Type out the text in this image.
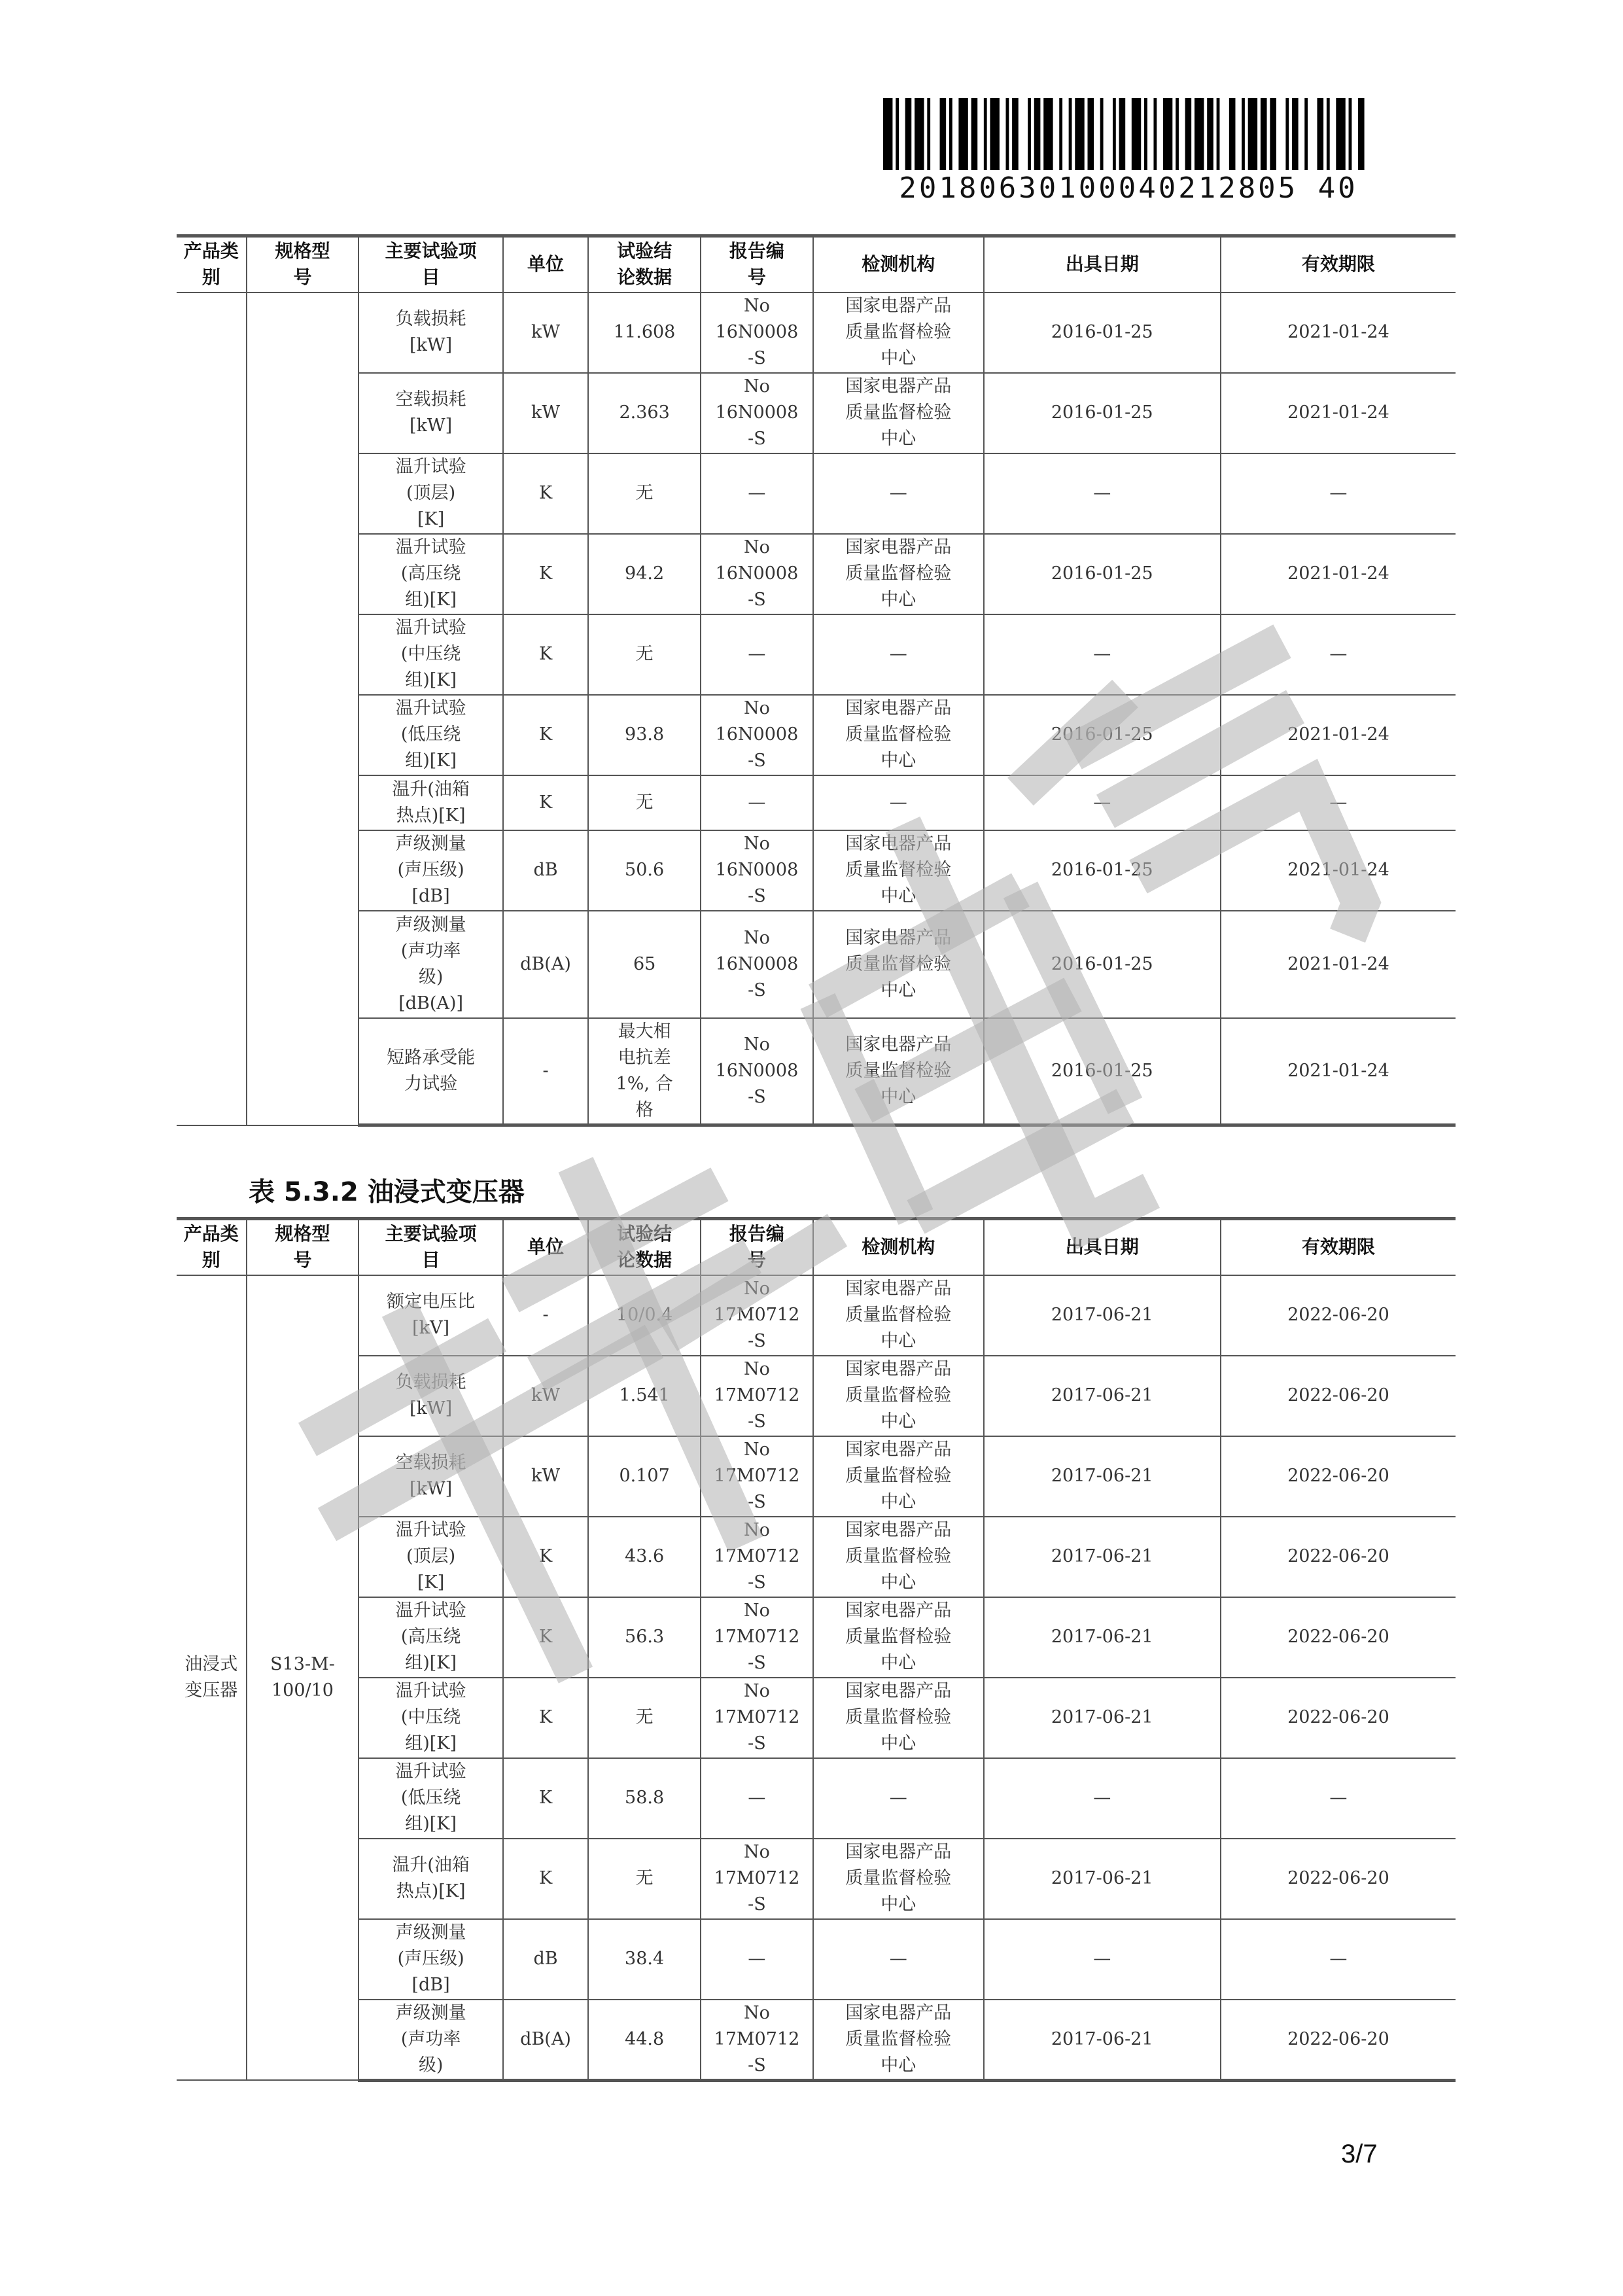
20180630100040212805 40
产品类
别	规格型
号	主要试验项
目	单位	试验结
论数据	报告编
号	检测机构	出具日期	有效期限
		负载损耗
[kW]	kW	11.608	No
16N0008
-S	国家电器产品
质量监督检验
中心	2016-01-25	2021-01-24
		空载损耗
[kW]	kW	2.363	No
16N0008
-S	国家电器产品
质量监督检验
中心	2016-01-25	2021-01-24
		温升试验
(顶层)
[K]	K	无	—	—	—	—
		温升试验
(高压绕
组)[K]	K	94.2	No
16N0008
-S	国家电器产品
质量监督检验
中心	2016-01-25	2021-01-24
		温升试验
(中压绕
组)[K]	K	无	—	—	—	—
		温升试验
(低压绕
组)[K]	K	93.8	No
16N0008
-S	国家电器产品
质量监督检验
中心	2016-01-25	2021-01-24
		温升(油箱
热点)[K]	K	无	—	—	—	—
		声级测量
(声压级)
[dB]	dB	50.6	No
16N0008
-S	国家电器产品
质量监督检验
中心	2016-01-25	2021-01-24
		声级测量
(声功率
级)
[dB(A)]	dB(A)	65	No
16N0008
-S	国家电器产品
质量监督检验
中心	2016-01-25	2021-01-24
		短路承受能
力试验	-	最大相
电抗差
1%, 合
格	No
16N0008
-S	国家电器产品
质量监督检验
中心	2016-01-25	2021-01-24
表 5.3.2 油浸式变压器
产品类
别	规格型
号	主要试验项
目	单位	试验结
论数据	报告编
号	检测机构	出具日期	有效期限
油浸式
变压器	S13-M-
100/10	额定电压比
[kV]	-	10/0.4	No
17M0712
-S	国家电器产品
质量监督检验
中心	2017-06-21	2022-06-20
		负载损耗
[kW]	kW	1.541	No
17M0712
-S	国家电器产品
质量监督检验
中心	2017-06-21	2022-06-20
		空载损耗
[kW]	kW	0.107	No
17M0712
-S	国家电器产品
质量监督检验
中心	2017-06-21	2022-06-20
		温升试验
(顶层)
[K]	K	43.6	No
17M0712
-S	国家电器产品
质量监督检验
中心	2017-06-21	2022-06-20
		温升试验
(高压绕
组)[K]	K	56.3	No
17M0712
-S	国家电器产品
质量监督检验
中心	2017-06-21	2022-06-20
		温升试验
(中压绕
组)[K]	K	无	No
17M0712
-S	国家电器产品
质量监督检验
中心	2017-06-21	2022-06-20
		温升试验
(低压绕
组)[K]	K	58.8	—	—	—	—
		温升(油箱
热点)[K]	K	无	No
17M0712
-S	国家电器产品
质量监督检验
中心	2017-06-21	2022-06-20
		声级测量
(声压级)
[dB]	dB	38.4	—	—	—	—
		声级测量
(声功率
级)	dB(A)	44.8	No
17M0712
-S	国家电器产品
质量监督检验
中心	2017-06-21	2022-06-20
3/7
